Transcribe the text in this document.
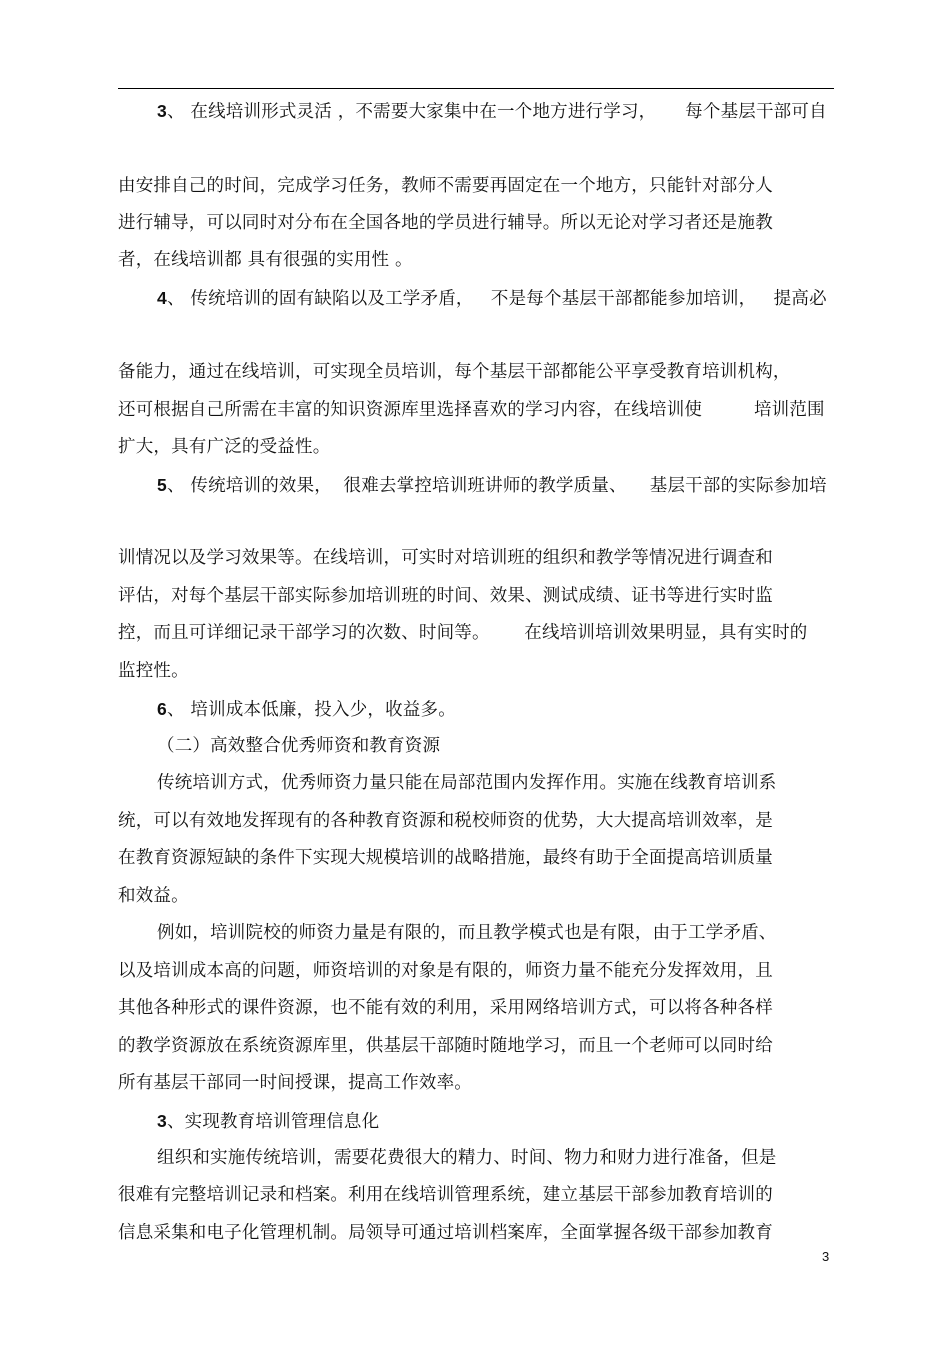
3、 在线培训形式灵活 ，不需要大家集中在一个地方进行学习，     每个基层干部可自
由安排自己的时间，完成学习任务，教师不需要再固定在一个地方，只能针对部分人
进行辅导，可以同时对分布在全国各地的学员进行辅导。所以无论对学习者还是施教
者，在线培训都 具有很强的实用性 。
4、 传统培训的固有缺陷以及工学矛盾，   不是每个基层干部都能参加培训，   提高必
备能力，通过在线培训，可实现全员培训，每个基层干部都能公平享受教育培训机构，
还可根据自己所需在丰富的知识资源库里选择喜欢的学习内容，在线培训使         培训范围
扩大，具有广泛的受益性。
5、 传统培训的效果，  很难去掌控培训班讲师的教学质量、    基层干部的实际参加培
训情况以及学习效果等。在线培训，可实时对培训班的组织和教学等情况进行调查和
评估，对每个基层干部实际参加培训班的时间、效果、测试成绩、证书等进行实时监
控，而且可详细记录干部学习的次数、时间等。      在线培训培训效果明显，具有实时的
监控性。
6、 培训成本低廉，投入少，收益多。
（二）高效整合优秀师资和教育资源
传统培训方式，优秀师资力量只能在局部范围内发挥作用。实施在线教育培训系
统，可以有效地发挥现有的各种教育资源和税校师资的优势，大大提高培训效率，是
在教育资源短缺的条件下实现大规模培训的战略措施，最终有助于全面提高培训质量
和效益。
例如，培训院校的师资力量是有限的，而且教学模式也是有限，由于工学矛盾、
以及培训成本高的问题，师资培训的对象是有限的，师资力量不能充分发挥效用，且
其他各种形式的课件资源，也不能有效的利用，采用网络培训方式，可以将各种各样
的教学资源放在系统资源库里，供基层干部随时随地学习，而且一个老师可以同时给
所有基层干部同一时间授课，提高工作效率。
3、实现教育培训管理信息化
组织和实施传统培训，需要花费很大的精力、时间、物力和财力进行准备，但是
很难有完整培训记录和档案。利用在线培训管理系统，建立基层干部参加教育培训的
信息采集和电子化管理机制。局领导可通过培训档案库，全面掌握各级干部参加教育
3
